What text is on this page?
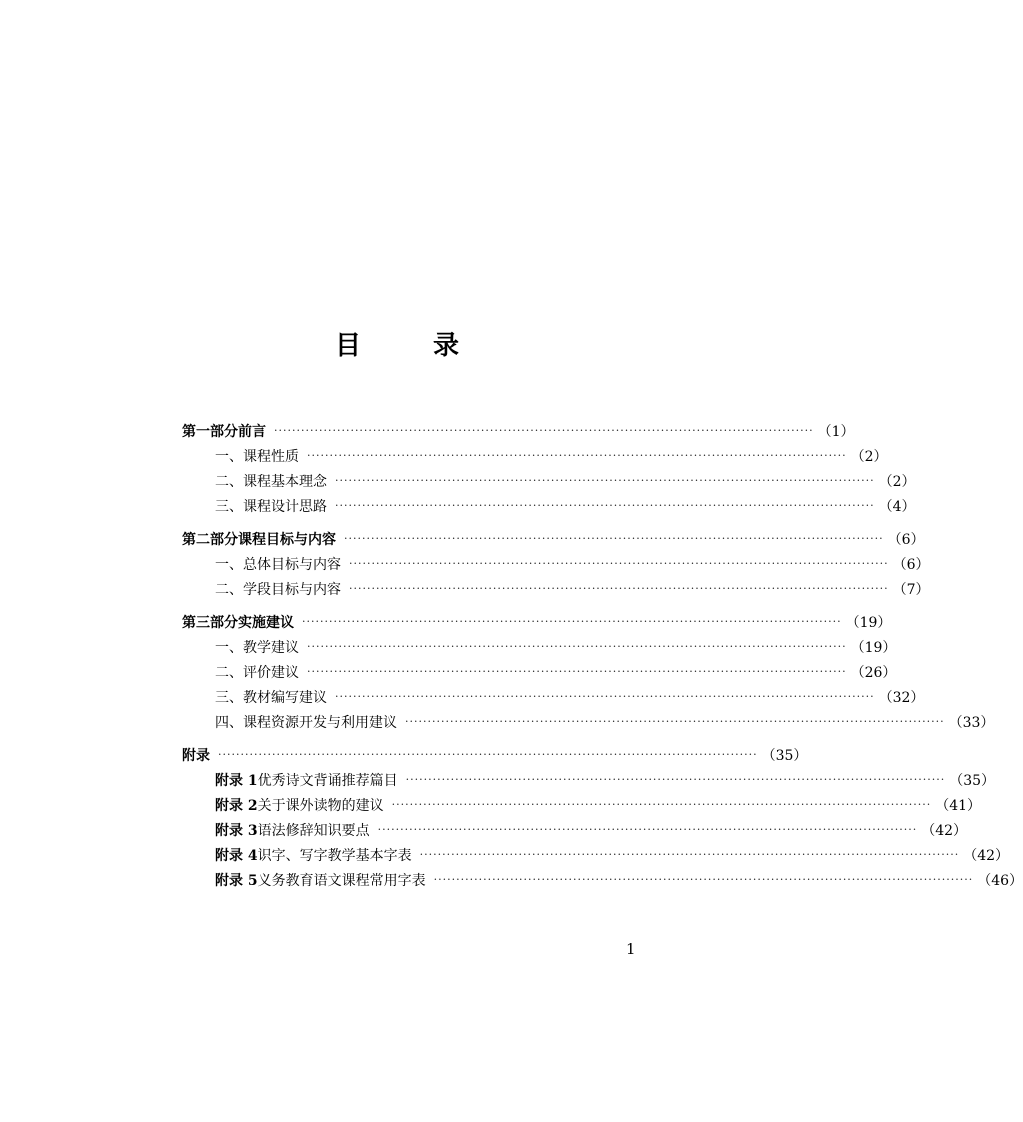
目	录
第一部分 前言 ························································································································ （1）
一、课程性质 ························································································································ （2）
二、课程基本理念 ························································································································ （2）
三、课程设计思路 ························································································································ （4）
第二部分 课程目标与内容 ························································································································ （6）
一、总体目标与内容 ························································································································ （6）
二、学段目标与内容 ························································································································ （7）
第三部分 实施建议 ························································································································ （19）
一、教学建议 ························································································································ （19）
二、评价建议 ························································································································ （26）
三、教材编写建议 ························································································································ （32）
四、课程资源开发与利用建议 ························································································································ （33）
附录 ························································································································ （35）
附录 1 优秀诗文背诵推荐篇目 ························································································································ （35）
附录 2 关于课外读物的建议 ························································································································ （41）
附录 3 语法修辞知识要点 ························································································································ （42）
附录 4 识字、写字教学基本字表 ························································································································ （42）
附录 5 义务教育语文课程常用字表 ························································································································ （46）
1
